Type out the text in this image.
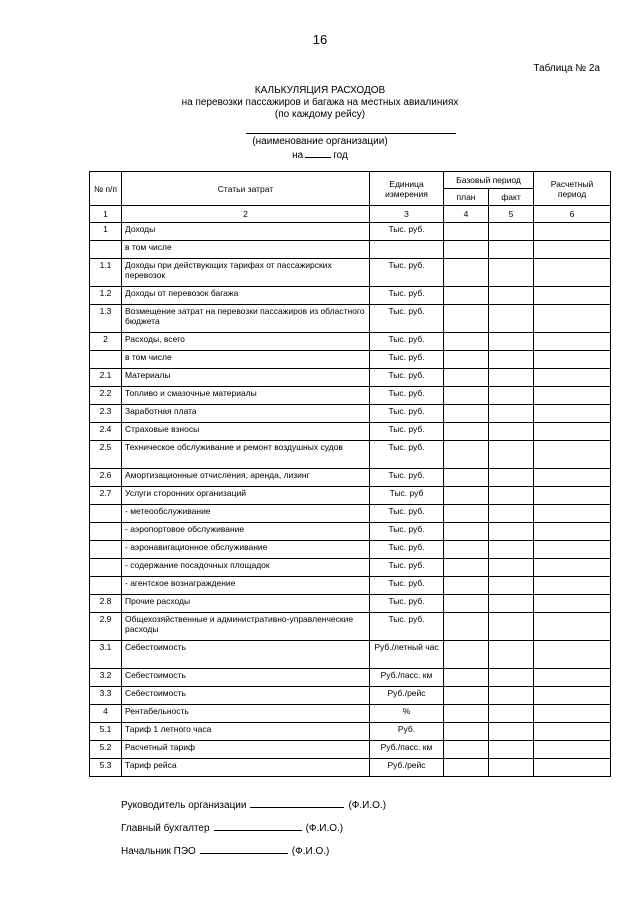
16
Таблица № 2а
КАЛЬКУЛЯЦИЯ РАСХОДОВ
на перевозки пассажиров и багажа на местных авиалиниях
(по каждому рейсу)
(наименование организации)
на	год
№ п/п	Статьи затрат	Единица измерения	Базовый период		Расчетный период
			план	факт	
1	2	3	4	5	6
1	Доходы	Тыс. руб.			
	в том числе				
1.1	Доходы при действующих тарифах от пассажирских перевозок	Тыс. руб.			
1.2	Доходы от перевозок багажа	Тыс. руб.			
1.3	Возмещение затрат на перевозки пассажиров из областного бюджета	Тыс. руб.			
2	Расходы, всего	Тыс. руб.			
	в том числе	Тыс. руб.			
2.1	Материалы	Тыс. руб.			
2.2	Топливо и смазочные материалы	Тыс. руб.			
2.3	Заработная плата	Тыс. руб.			
2.4	Страховые взносы	Тыс. руб.			
2.5	Техническое обслуживание и ремонт воздушных судов	Тыс. руб.			
2.6	Амортизационные отчисления, аренда, лизинг	Тыс. руб.			
2.7	Услуги сторонних организаций	Тыс. руб			
	- метеообслуживание	Тыс. руб.			
	- аэропортовое обслуживание	Тыс. руб.			
	- аэронавигационное обслуживание	Тыс. руб.			
	- содержание посадочных площадок	Тыс. руб.			
	- агентское вознаграждение	Тыс. руб.			
2.8	Прочие расходы	Тыс. руб.			
2.9	Общехозяйственные и административно-управленческие расходы	Тыс. руб.			
3.1	Себестоимость	Руб./летный час			
3.2	Себестоимость	Руб./пасс. км			
3.3	Себестоимость	Руб./рейс			
4	Рентабельность	%			
5.1	Тариф 1 летного часа	Руб.			
5.2	Расчетный тариф	Руб./пасс. км			
5.3	Тариф рейса	Руб./рейс			
Руководитель организации	(Ф.И.О.)
Главный бухгалтер	(Ф.И.О.)
Начальник ПЭО	(Ф.И.О.)
